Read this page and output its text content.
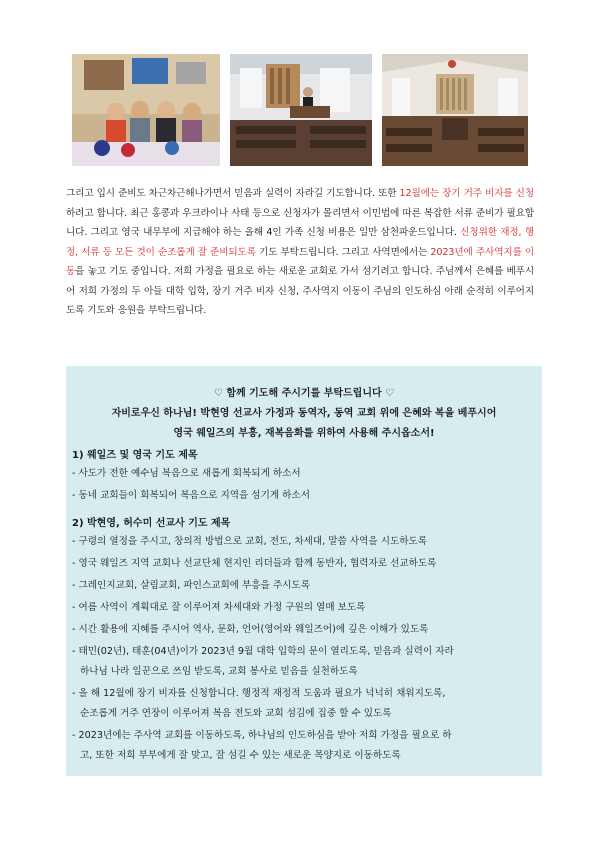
그리고 입시 준비도 차근차근해나가면서 믿음과 실력이 자라길 기도합니다. 또한 12월에는 장기 거주 비자를 신청하려고 합니다. 최근 홍콩과 우크라이나 사태 등으로 신청자가 몰리면서 이민법에 따른 복잡한 서류 준비가 필요합니다. 그리고 영국 내무부에 지급해야 하는 올해 4인 가족 신청 비용은 일만 삼천파운드입니다. 신청위한 재정, 행정, 서류 등 모든 것이 순조롭게 잘 준비되도록 기도 부탁드립니다. 그리고 사역면에서는 2023년에 주사역지를 이동을 놓고 기도 중입니다. 저희 가정을 필요로 하는 새로운 교회로 가서 섬기려고 합니다. 주님께서 은혜를 베푸시어 저희 가정의 두 아들 대학 입학, 장기 거주 비자 신청, 주사역지 이동이 주님의 인도하심 아래 순적히 이루어지도록 기도와 응원을 부탁드립니다.
♡ 함께 기도해 주시기를 부탁드립니다 ♡
자비로우신 하나님! 박현영 선교사 가정과 동역자, 동역 교회 위에 은혜와 복을 베푸시어
영국 웨일즈의 부흥, 재복음화를 위하여 사용해 주시옵소서!
1) 웨일즈 및 영국 기도 제목
- 사도가 전한 예수님 복음으로 새롭게 회복되게 하소서
- 동네 교회들이 회복되어 복음으로 지역을 섬기게 하소서
2) 박현영, 허수미 선교사 기도 제목
- 구령의 열정을 주시고, 창의적 방법으로 교회, 전도, 차세대, 말씀 사역을 시도하도록
- 영국 웨일즈 지역 교회나 선교단체 현지인 리더들과 함께 동반자, 협력자로 선교하도록
- 그레인지교회, 살림교회, 파인스교회에 부흥을 주시도록
- 여름 사역이 계획대로 잘 이루어져 차세대와 가정 구원의 열매 보도록
- 시간 활용에 지혜를 주시어 역사, 문화, 언어(영어와 웨일즈어)에 깊은 이해가 있도록
- 태민(02년), 태훈(04년)이가 2023년 9월 대학 입학의 문이 열리도록, 믿음과 실력이 자라
하나님 나라 일꾼으로 쓰임 받도록, 교회 봉사로 믿음을 실천하도록
- 올 해 12월에 장기 비자를 신청합니다. 행정적 재정적 도움과 필요가 넉넉히 채워지도록,
순조롭게 거주 연장이 이루어져 복음 전도와 교회 섬김에 집중 할 수 있도록
- 2023년에는 주사역 교회를 이동하도록, 하나님의 인도하심을 받아 저희 가정을 필요로 하
고, 또한 저희 부부에게 잘 맞고, 잘 섬길 수 있는 새로운 목양지로 이동하도록
